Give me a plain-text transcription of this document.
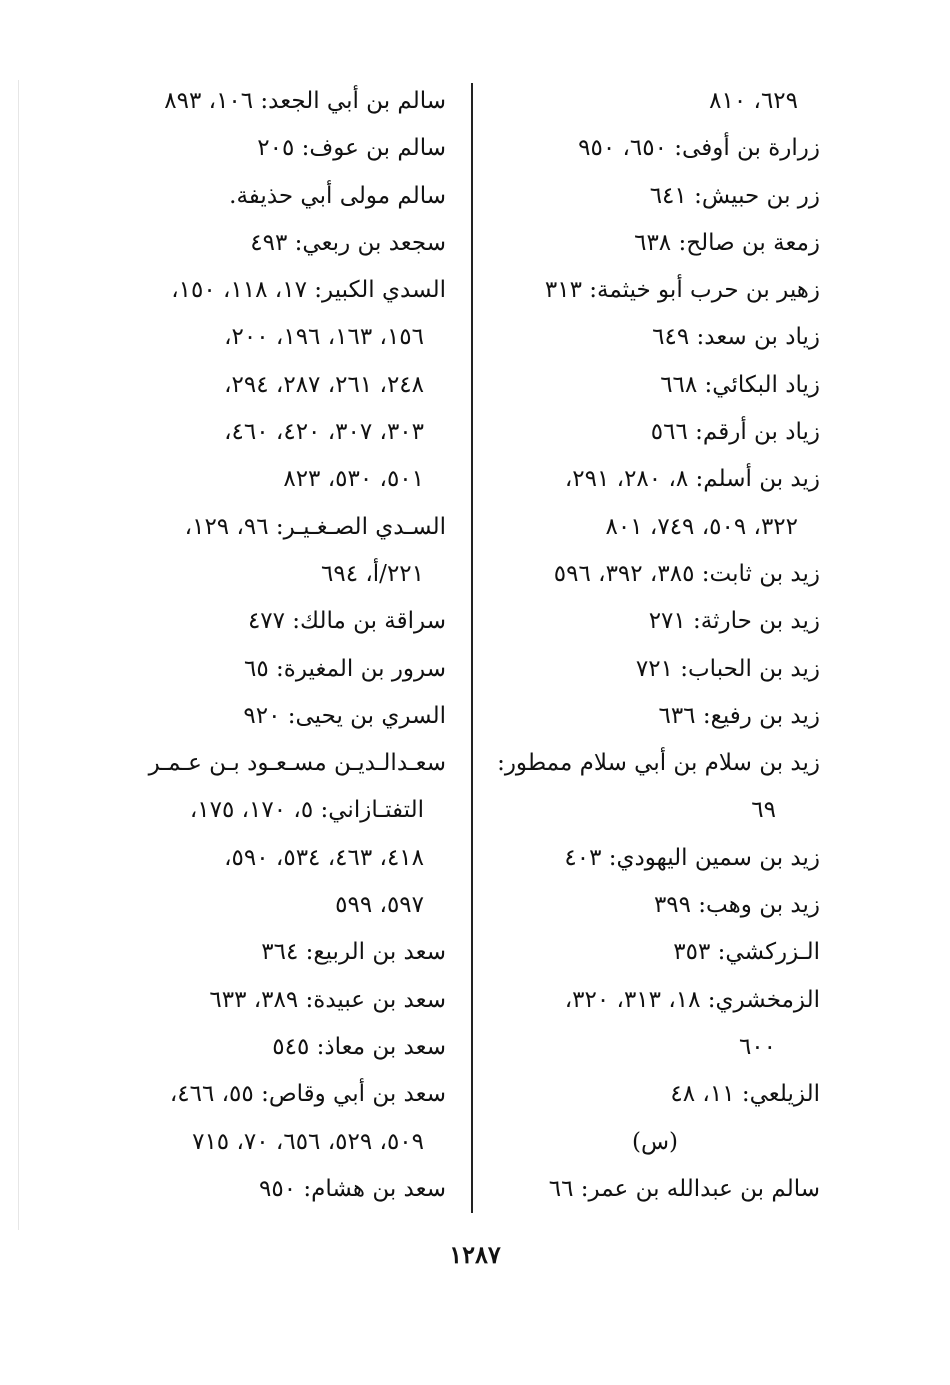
٦٢٩، ٨١٠
زرارة بن أوفى: ٦٥٠، ٩٥٠
زر بن حبيش: ٦٤١
زمعة بن صالح: ٦٣٨
زهير بن حرب أبو خيثمة: ٣١٣
زياد بن سعد: ٦٤٩
زياد البكائي: ٦٦٨
زياد بن أرقم: ٥٦٦
زيد بن أسلم: ٨، ٢٨٠، ٢٩١،
٣٢٢، ٥٠٩، ٧٤٩، ٨٠١
زيد بن ثابت: ٣٨٥، ٣٩٢، ٥٩٦
زيد بن حارثة: ٢٧١
زيد بن الحباب: ٧٢١
زيد بن رفيع: ٦٣٦
زيد بن سلام بن أبي سلام ممطور:
٦٩
زيد بن سمين اليهودي: ٤٠٣
زيد بن وهب: ٣٩٩
الـزركشي: ٣٥٣
الزمخشري: ١٨، ٣١٣، ٣٢٠،
٦٠٠
الزيلعي: ١١، ٤٨
(س)
سالم بن عبدالله بن عمر: ٦٦
سالم بن أبي الجعد: ١٠٦، ٨٩٣
سالم بن عوف: ٢٠٥
سالم مولى أبي حذيفة.
سجعد بن ربعي: ٤٩٣
السدي الكبير: ١٧، ١١٨، ١٥٠،
١٥٦، ١٦٣، ١٩٦، ٢٠٠،
٢٤٨، ٢٦١، ٢٨٧، ٢٩٤،
٣٠٣، ٣٠٧، ٤٢٠، ٤٦٠،
٥٠١، ٥٣٠، ٨٢٣
السـدي الصـغـيـر: ٩٦، ١٢٩،
٢٢١/أ، ٦٩٤
سراقة بن مالك: ٤٧٧
سرور بن المغيرة: ٦٥
السري بن يحيى: ٩٢٠
سعـدالـديـن مسـعـود بـن عـمـر
التفتـازاني: ٥، ١٧٠، ١٧٥،
٤١٨، ٤٦٣، ٥٣٤، ٥٩٠،
٥٩٧، ٥٩٩
سعد بن الربيع: ٣٦٤
سعد بن عبيدة: ٣٨٩، ٦٣٣
سعد بن معاذ: ٥٤٥
سعد بن أبي وقاص: ٥٥، ٤٦٦،
٥٠٩، ٥٢٩، ٦٥٦، ٧٠، ٧١٥
سعد بن هشام: ٩٥٠
١٢٨٧
